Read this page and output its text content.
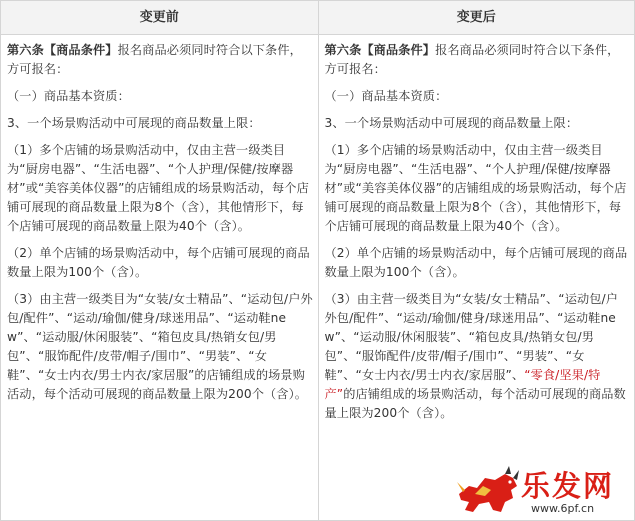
变更前	变更后

第六条【商品条件】报名商品必须同时符合以下条件，方可报名：

（一）商品基本资质：

3、一个场景购活动中可展现的商品数量上限：

（1）多个店铺的场景购活动中，仅由主营一级类目为“厨房电器”、“生活电器”、“个人护理/保健/按摩器材”或“美容美体仪器”的店铺组成的场景购活动，每个店铺可展现的商品数量上限为8个（含），其他情形下，每个店铺可展现的商品数量上限为40个（含）。

（2）单个店铺的场景购活动中，每个店铺可展现的商品数量上限为100个（含）。

（3）由主营一级类目为“女装/女士精品”、“运动包/户外包/配件”、“运动/瑜伽/健身/球迷用品”、“运动鞋new”、“运动服/休闲服装”、“箱包皮具/热销女包/男包”、“服饰配件/皮带/帽子/围巾”、“男装”、“女鞋”、“女士内衣/男士内衣/家居服”的店铺组成的场景购活动，每个活动可展现的商品数量上限为200个（含）。

第六条【商品条件】报名商品必须同时符合以下条件，方可报名：

（一）商品基本资质：

3、一个场景购活动中可展现的商品数量上限：

（1）多个店铺的场景购活动中，仅由主营一级类目为“厨房电器”、“生活电器”、“个人护理/保健/按摩器材”或“美容美体仪器”的店铺组成的场景购活动，每个店铺可展现的商品数量上限为8个（含），其他情形下，每个店铺可展现的商品数量上限为40个（含）。

（2）单个店铺的场景购活动中，每个店铺可展现的商品数量上限为100个（含）。

（3）由主营一级类目为“女装/女士精品”、“运动包/户外包/配件”、“运动/瑜伽/健身/球迷用品”、“运动鞋new”、“运动服/休闲服装”、“箱包皮具/热销女包/男包”、“服饰配件/皮带/帽子/围巾”、“男装”、“女鞋”、“女士内衣/男士内衣/家居服”、“零食/坚果/特产”的店铺组成的场景购活动，每个活动可展现的商品数量上限为200个（含）。

乐发网
www.6pf.cn
